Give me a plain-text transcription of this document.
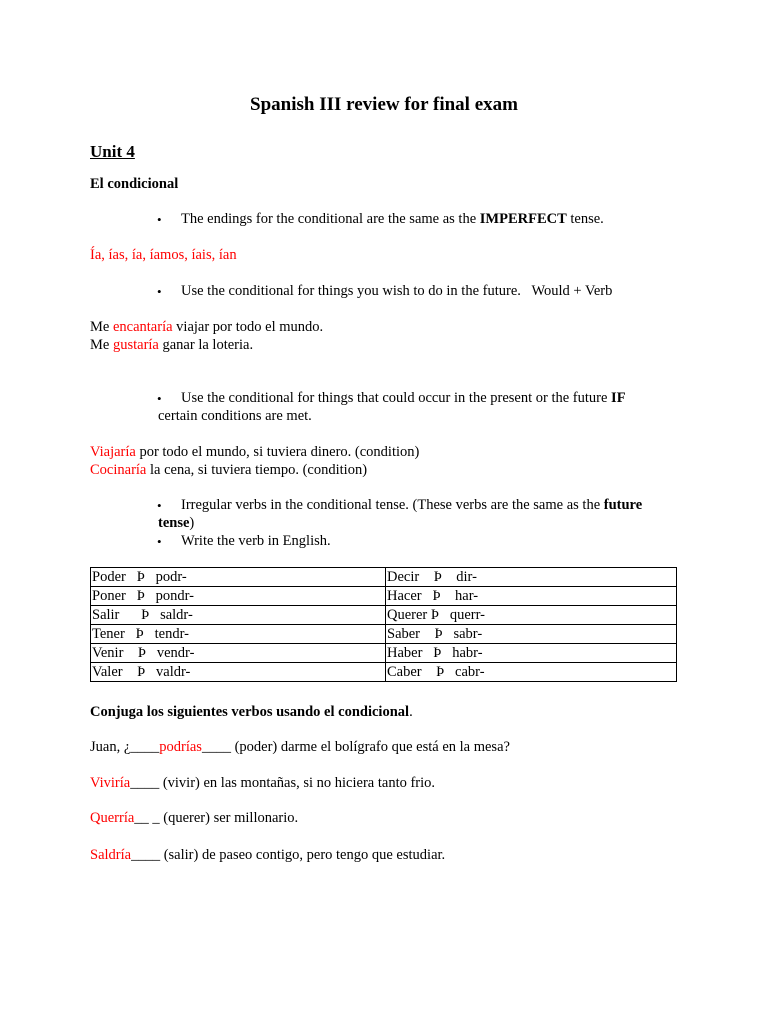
Spanish III review for final exam
Unit 4
El condicional
• The endings for the conditional are the same as the IMPERFECT tense.
Ía, ías, ía, íamos, íais, ían
• Use the conditional for things you wish to do in the future.   Would + Verb
Me encantaría viajar por todo el mundo.
Me gustaría ganar la loteria.
• Use the conditional for things that could occur in the present or the future IF
certain conditions are met.
Viajaría por todo el mundo, si tuviera dinero. (condition)
Cocinaría la cena, si tuviera tiempo. (condition)
• Irregular verbs in the conditional tense. (These verbs are the same as the future
tense)
• Write the verb in English.
Poder   Þ   podr-	Decir    Þ    dir-
Poner   Þ   pondr-	Hacer   Þ    har-
Salir      Þ   saldr-	Querer Þ   querr-
Tener   Þ   tendr-	Saber    Þ   sabr-
Venir    Þ   vendr-	Haber   Þ   habr-
Valer    Þ   valdr-	Caber    Þ   cabr-
Conjuga los siguientes verbos usando el condicional.
Juan, ¿____podrías____ (poder) darme el bolígrafo que está en la mesa?
Viviría____ (vivir) en las montañas, si no hiciera tanto frio.
Querría__ _ (querer) ser millonario.
Saldría____ (salir) de paseo contigo, pero tengo que estudiar.
